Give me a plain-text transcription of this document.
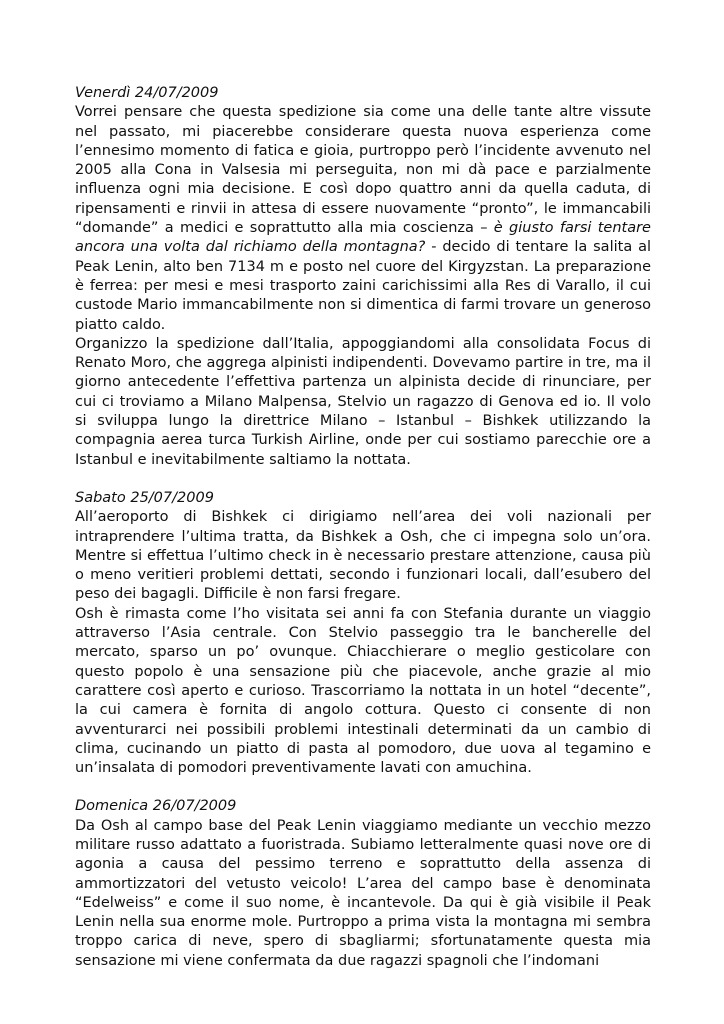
Venerdì 24/07/2009

Vorrei pensare che questa spedizione sia come una delle tante altre vissute nel passato, mi piacerebbe considerare questa nuova esperienza come l’ennesimo momento di fatica e gioia, purtroppo però l’incidente avvenuto nel 2005 alla Cona in Valsesia mi perseguita, non mi dà pace e parzialmente influenza ogni mia decisione. E così dopo quattro anni da quella caduta, di ripensamenti e rinvii in attesa di essere nuovamente “pronto”, le immancabili “domande” a medici e soprattutto alla mia coscienza – è giusto farsi tentare ancora una volta dal richiamo della montagna? - decido di tentare la salita al Peak Lenin, alto ben 7134 m e posto nel cuore del Kirgyzstan. La preparazione è ferrea: per mesi e mesi trasporto zaini carichissimi alla Res di Varallo, il cui custode Mario immancabilmente non si dimentica di farmi trovare un generoso piatto caldo.

Organizzo la spedizione dall’Italia, appoggiandomi alla consolidata Focus di Renato Moro, che aggrega alpinisti indipendenti. Dovevamo partire in tre, ma il giorno antecedente l’effettiva partenza un alpinista decide di rinunciare, per cui ci troviamo a Milano Malpensa, Stelvio un ragazzo di Genova ed io. Il volo si sviluppa lungo la direttrice Milano – Istanbul – Bishkek utilizzando la compagnia aerea turca Turkish Airline, onde per cui sostiamo parecchie ore a Istanbul e inevitabilmente saltiamo la nottata.

Sabato 25/07/2009

All’aeroporto di Bishkek ci dirigiamo nell’area dei voli nazionali per intraprendere l’ultima tratta, da Bishkek a Osh, che ci impegna solo un’ora. Mentre si effettua l’ultimo check in è necessario prestare attenzione, causa più o meno veritieri problemi dettati, secondo i funzionari locali, dall’esubero del peso dei bagagli. Difficile è non farsi fregare.

Osh è rimasta come l’ho visitata sei anni fa con Stefania durante un viaggio attraverso l’Asia centrale. Con Stelvio passeggio tra le bancherelle del mercato, sparso un po’ ovunque. Chiacchierare o meglio gesticolare con questo popolo è una sensazione più che piacevole, anche grazie al mio carattere così aperto e curioso. Trascorriamo la nottata in un hotel “decente”, la cui camera è fornita di angolo cottura. Questo ci consente di non avventurarci nei possibili problemi intestinali determinati da un cambio di clima, cucinando un piatto di pasta al pomodoro, due uova al tegamino e un’insalata di pomodori preventivamente lavati con amuchina.

Domenica 26/07/2009

Da Osh al campo base del Peak Lenin viaggiamo mediante un vecchio mezzo militare russo adattato a fuoristrada. Subiamo letteralmente quasi nove ore di agonia a causa del pessimo terreno e soprattutto della assenza di ammortizzatori del vetusto veicolo! L’area del campo base è denominata “Edelweiss” e come il suo nome, è incantevole. Da qui è già visibile il Peak Lenin nella sua enorme mole. Purtroppo a prima vista la montagna mi sembra troppo carica di neve, spero di sbagliarmi; sfortunatamente questa mia sensazione mi viene confermata da due ragazzi spagnoli che l’indomani
